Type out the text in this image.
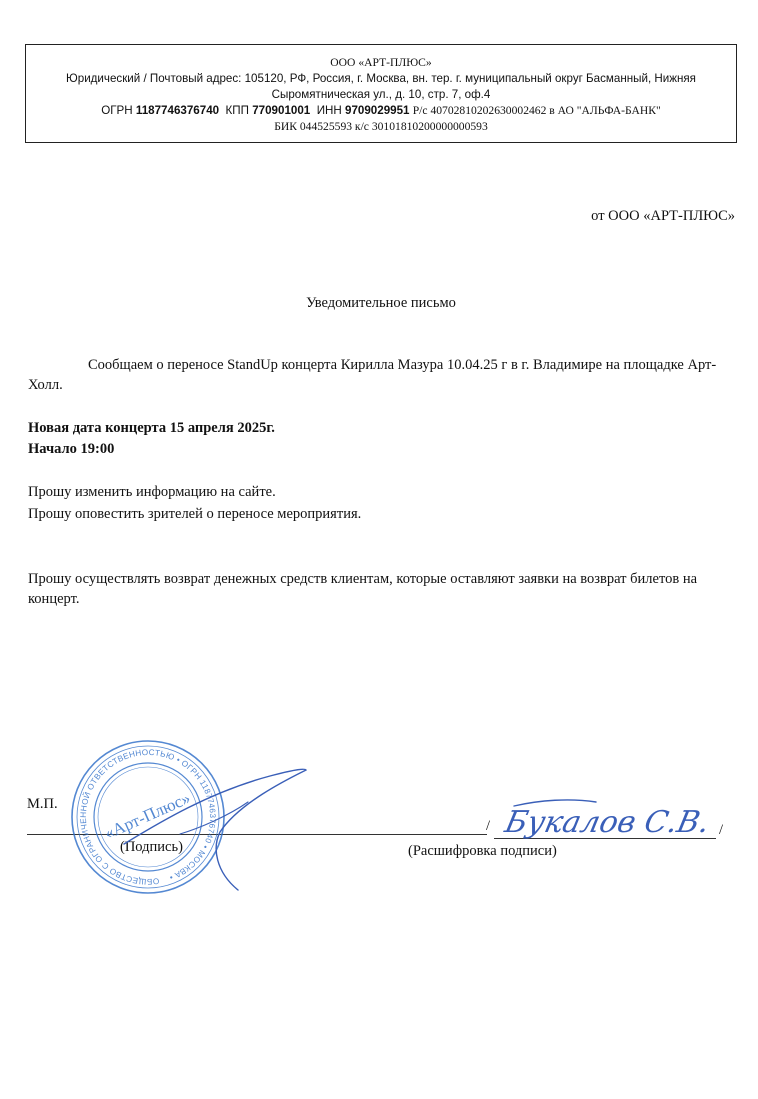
ООО «АРТ-ПЛЮС»
Юридический / Почтовый адрес: 105120, РФ, Россия, г. Москва, вн. тер. г. муниципальный округ Басманный, Нижняя
Сыромятническая ул., д. 10, стр. 7, оф.4
ОГРН 1187746376740 КПП 770901001 ИНН 9709029951 Р/с 40702810202630002462 в АО "АЛЬФА-БАНК"
БИК 044525593 к/с 30101810200000000593
от ООО «АРТ-ПЛЮС»
Уведомительное письмо
Сообщаем о переносе StandUp концерта Кирилла Мазура 10.04.25 г в г. Владимире на площадке Арт-Холл.
Новая дата концерта 15 апреля 2025г.
Начало 19:00
Прошу изменить информацию на сайте.
Прошу оповестить зрителей о переносе мероприятия.
Прошу осуществлять возврат денежных средств клиентам, которые оставляют заявки на возврат билетов на концерт.
М.П.
/	/
(Подпись)	(Расшифровка подписи)
ОБЩЕСТВО С ОГРАНИЧЕННОЙ ОТВЕТСТВЕННОСТЬЮ • ОГРН 1187746376740 • МОСКВА •
«Арт-Плюс»	Букалов С.В.
